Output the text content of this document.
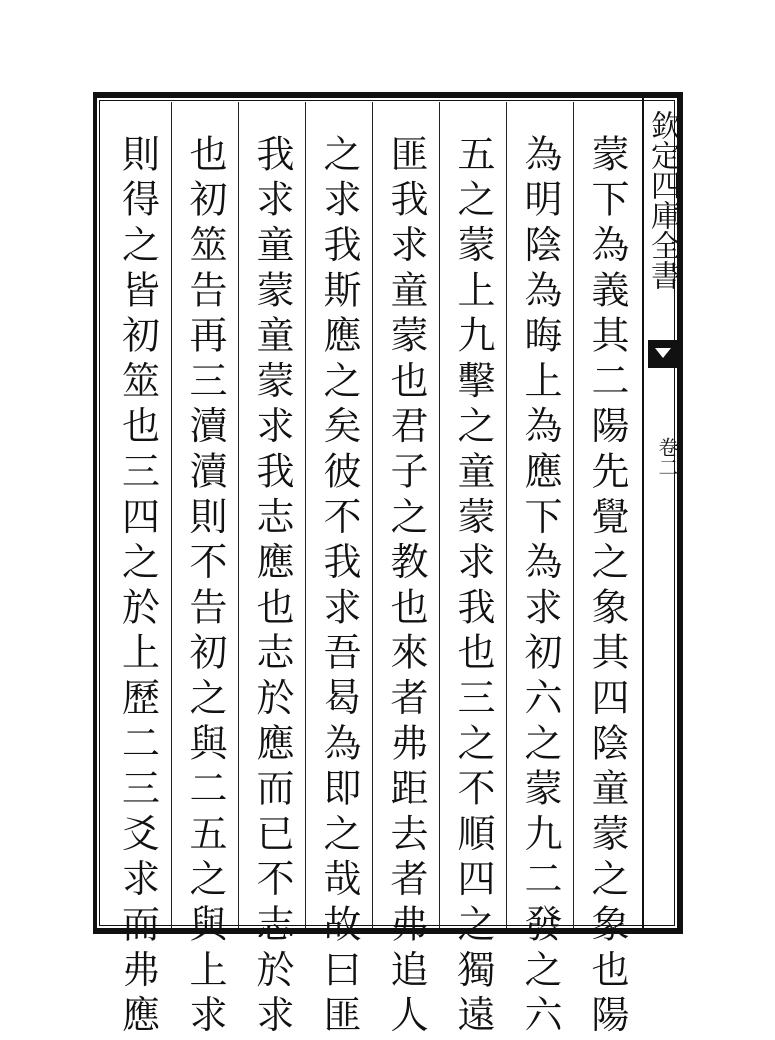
欽定四庫全書
卷二
蒙下為義其二陽先覺之象其四陰童蒙之象也陽
為明陰為晦上為應下為求初六之蒙九二發之六
五之蒙上九擊之童蒙求我也三之不順四之獨遠
匪我求童蒙也君子之教也來者弗距去者弗追人
之求我斯應之矣彼不我求吾曷為即之哉故曰匪
我求童蒙童蒙求我志應也志於應而已不志於求
也初筮告再三瀆瀆則不告初之與二五之與上求
則得之皆初筮也三四之於上歷二三爻求而弗應
